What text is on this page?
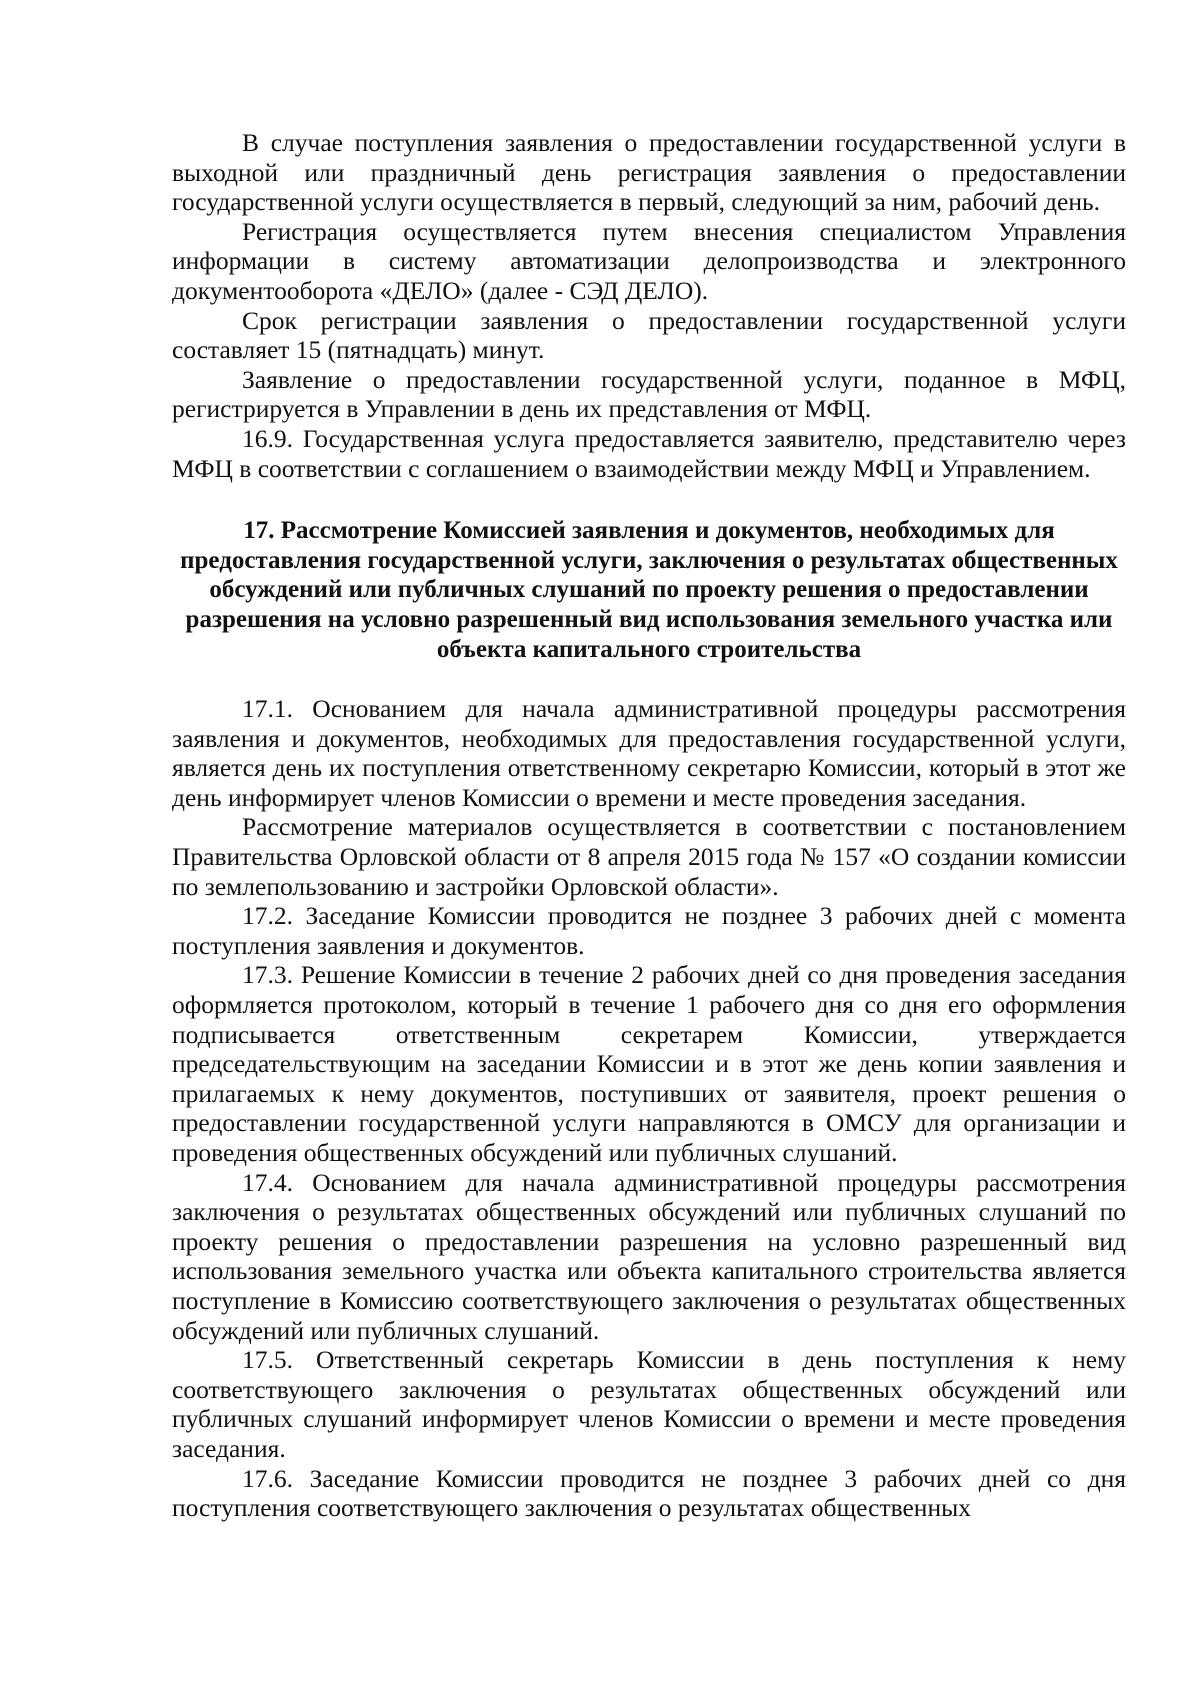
В случае поступления заявления о предоставлении государственной услуги в выходной или праздничный день регистрация заявления о предоставлении государственной услуги осуществляется в первый, следующий за ним, рабочий день.

Регистрация осуществляется путем внесения специалистом Управления информации в систему автоматизации делопроизводства и электронного документооборота «ДЕЛО» (далее - СЭД ДЕЛО).

Срок регистрации заявления о предоставлении государственной услуги составляет 15 (пятнадцать) минут.

Заявление о предоставлении государственной услуги, поданное в МФЦ, регистрируется в Управлении в день их представления от МФЦ.

16.9. Государственная услуга предоставляется заявителю, представителю через МФЦ в соответствии с соглашением о взаимодействии между МФЦ и Управлением.

17. Рассмотрение Комиссией заявления и документов, необходимых для предоставления государственной услуги, заключения о результатах общественных обсуждений или публичных слушаний по проекту решения о предоставлении разрешения на условно разрешенный вид использования земельного участка или объекта капитального строительства

17.1. Основанием для начала административной процедуры рассмотрения заявления и документов, необходимых для предоставления государственной услуги, является день их поступления ответственному секретарю Комиссии, который в этот же день информирует членов Комиссии о времени и месте проведения заседания.

Рассмотрение материалов осуществляется в соответствии с постановлением Правительства Орловской области от 8 апреля 2015 года № 157 «О создании комиссии по землепользованию и застройки Орловской области».

17.2. Заседание Комиссии проводится не позднее 3 рабочих дней с момента поступления заявления и документов.

17.3. Решение Комиссии в течение 2 рабочих дней со дня проведения заседания оформляется протоколом, который в течение 1 рабочего дня со дня его оформления подписывается ответственным секретарем Комиссии, утверждается председательствующим на заседании Комиссии и в этот же день копии заявления и прилагаемых к нему документов, поступивших от заявителя, проект решения о предоставлении государственной услуги направляются в ОМСУ для организации и проведения общественных обсуждений или публичных слушаний.

17.4. Основанием для начала административной процедуры рассмотрения заключения о результатах общественных обсуждений или публичных слушаний по проекту решения о предоставлении разрешения на условно разрешенный вид использования земельного участка или объекта капитального строительства является поступление в Комиссию соответствующего заключения о результатах общественных обсуждений или публичных слушаний.

17.5. Ответственный секретарь Комиссии в день поступления к нему соответствующего заключения о результатах общественных обсуждений или публичных слушаний информирует членов Комиссии о времени и месте проведения заседания.

17.6. Заседание Комиссии проводится не позднее 3 рабочих дней со дня поступления соответствующего заключения о результатах общественных
